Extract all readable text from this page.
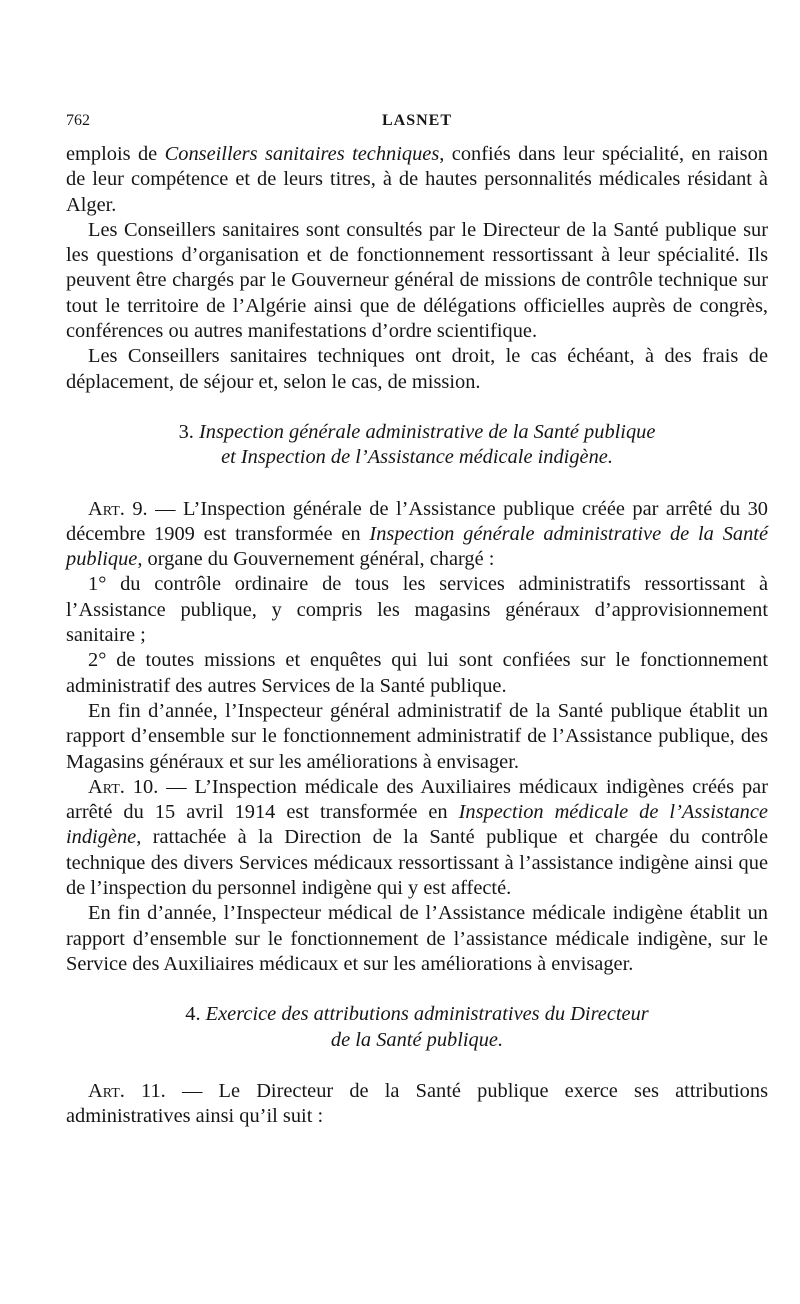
762	LASNET

emplois de Conseillers sanitaires techniques, confiés dans leur spécialité, en raison de leur compétence et de leurs titres, à de hautes personnalités médicales résidant à Alger.

Les Conseillers sanitaires sont consultés par le Directeur de la Santé publique sur les questions d’organisation et de fonctionnement ressortissant à leur spécialité. Ils peuvent être chargés par le Gouverneur général de missions de contrôle technique sur tout le territoire de l’Algérie ainsi que de délégations officielles auprès de congrès, conférences ou autres manifestations d’ordre scientifique.

Les Conseillers sanitaires techniques ont droit, le cas échéant, à des frais de déplacement, de séjour et, selon le cas, de mission.

3. Inspection générale administrative de la Santé publique
et Inspection de l’Assistance médicale indigène.

Art. 9. — L’Inspection générale de l’Assistance publique créée par arrêté du 30 décembre 1909 est transformée en Inspection générale administrative de la Santé publique, organe du Gouvernement général, chargé :

1° du contrôle ordinaire de tous les services administratifs ressortissant à l’Assistance publique, y compris les magasins généraux d’approvisionnement sanitaire ;

2° de toutes missions et enquêtes qui lui sont confiées sur le fonctionnement administratif des autres Services de la Santé publique.

En fin d’année, l’Inspecteur général administratif de la Santé publique établit un rapport d’ensemble sur le fonctionnement administratif de l’Assistance publique, des Magasins généraux et sur les améliorations à envisager.

Art. 10. — L’Inspection médicale des Auxiliaires médicaux indigènes créés par arrêté du 15 avril 1914 est transformée en Inspection médicale de l’Assistance indigène, rattachée à la Direction de la Santé publique et chargée du contrôle technique des divers Services médicaux ressortissant à l’assistance indigène ainsi que de l’inspection du personnel indigène qui y est affecté.

En fin d’année, l’Inspecteur médical de l’Assistance médicale indigène établit un rapport d’ensemble sur le fonctionnement de l’assistance médicale indigène, sur le Service des Auxiliaires médicaux et sur les améliorations à envisager.

4. Exercice des attributions administratives du Directeur
de la Santé publique.

Art. 11. — Le Directeur de la Santé publique exerce ses attributions administratives ainsi qu’il suit :
